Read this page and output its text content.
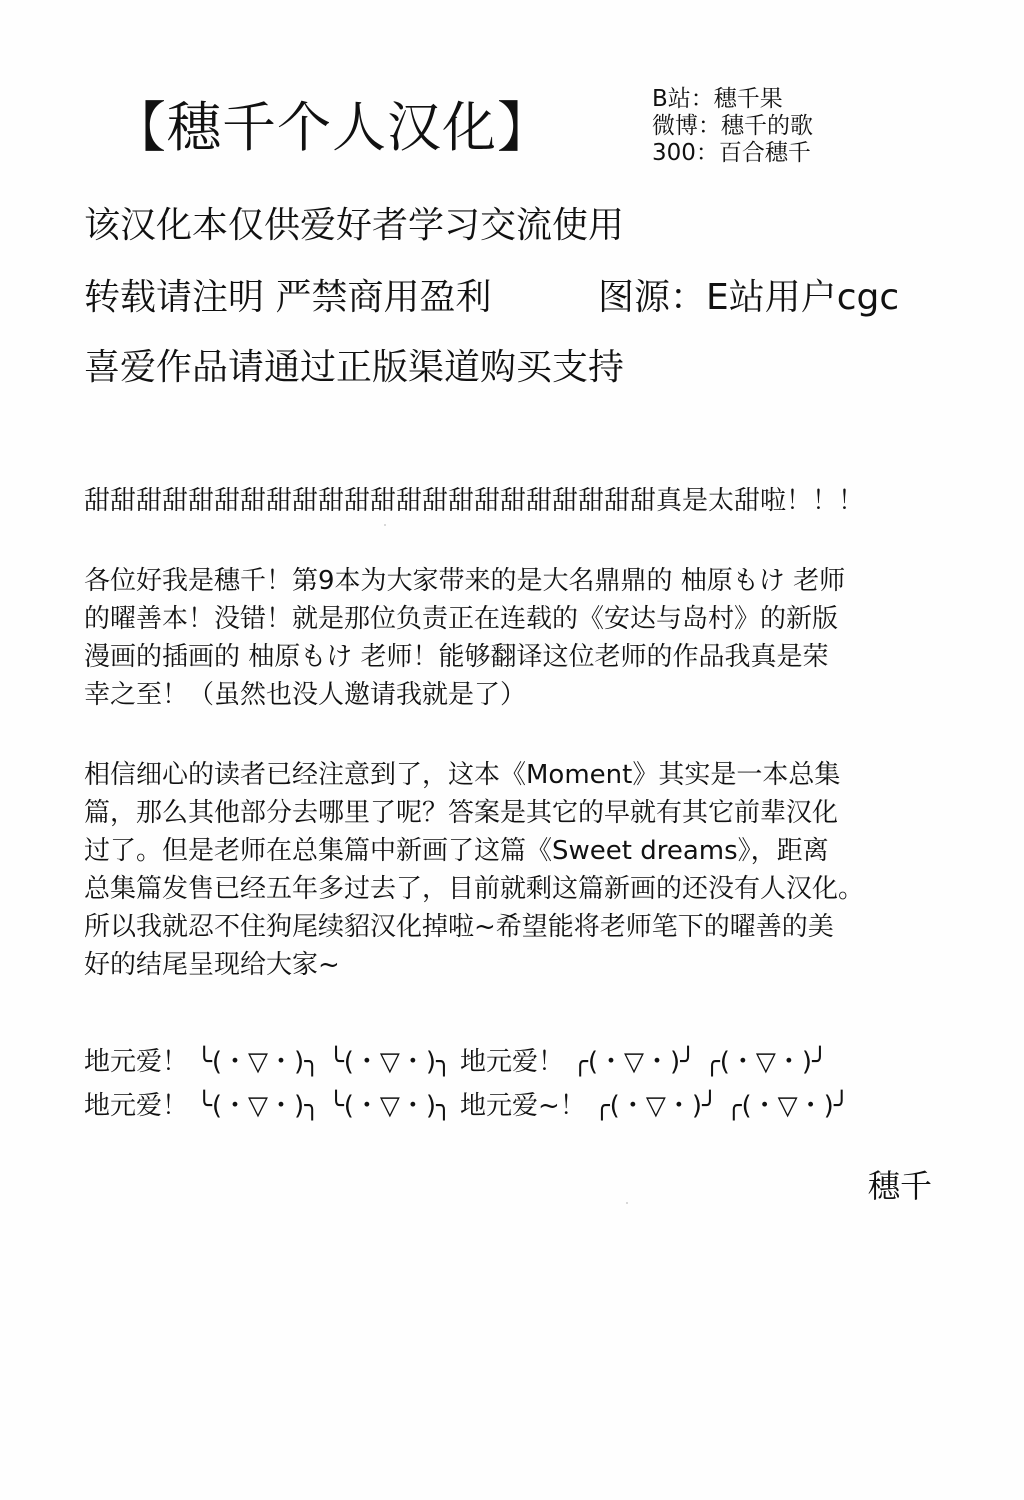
【穗千个人汉化】	B站：穗千果
微博：穗千的歌
300：百合穗千
该汉化本仅供爱好者学习交流使用
转载请注明 严禁商用盈利	图源：E站用户cgc
喜爱作品请通过正版渠道购买支持
甜甜甜甜甜甜甜甜甜甜甜甜甜甜甜甜甜甜甜甜甜甜真是太甜啦！！！
各位好我是穗千！第9本为大家带来的是大名鼎鼎的 柚原もけ 老师
的曜善本！没错！就是那位负责正在连载的《安达与岛村》的新版
漫画的插画的 柚原もけ 老师！能够翻译这位老师的作品我真是荣
幸之至！（虽然也没人邀请我就是了）
相信细心的读者已经注意到了，这本《Moment》其实是一本总集
篇，那么其他部分去哪里了呢？答案是其它的早就有其它前辈汉化
过了。但是老师在总集篇中新画了这篇《Sweet dreams》，距离
总集篇发售已经五年多过去了，目前就剩这篇新画的还没有人汉化。
所以我就忍不住狗尾续貂汉化掉啦~希望能将老师笔下的曜善的美
好的结尾呈现给大家~
地元爱！ ╰(・▽・)╮ ╰(・▽・)╮ 地元爱！ ╭(・▽・)╯ ╭(・▽・)╯
地元爱！ ╰(・▽・)╮ ╰(・▽・)╮ 地元爱~！ ╭(・▽・)╯ ╭(・▽・)╯
穗千
